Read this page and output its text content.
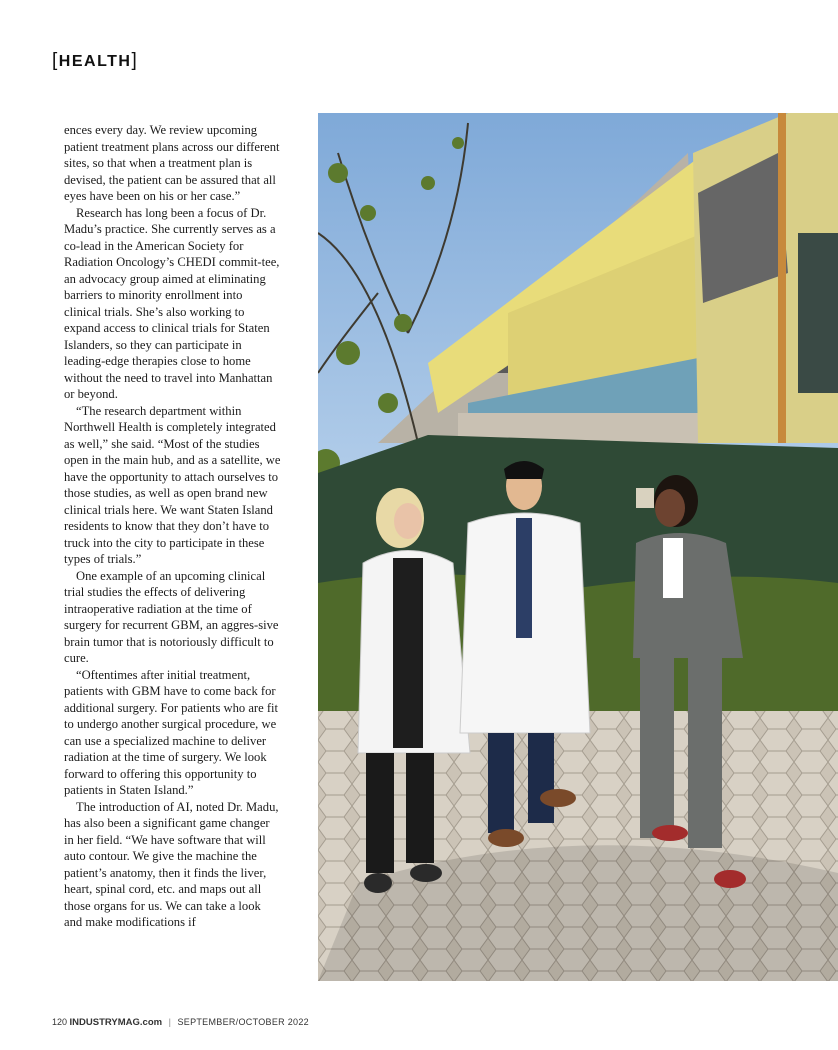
[HEALTH]

ences every day. We review upcoming patient treatment plans across our different sites, so that when a treatment plan is devised, the patient can be assured that all eyes have been on his or her case.”

Research has long been a focus of Dr. Madu’s practice. She currently serves as a co-lead in the American Society for Radiation Oncology’s CHEDI commit-tee, an advocacy group aimed at eliminating barriers to minority enrollment into clinical trials. She’s also working to expand access to clinical trials for Staten Islanders, so they can participate in leading-edge therapies close to home without the need to travel into Manhattan or beyond.

“The research department within Northwell Health is completely integrated as well,” she said. “Most of the studies open in the main hub, and as a satellite, we have the opportunity to attach ourselves to those studies, as well as open brand new clinical trials here. We want Staten Island residents to know that they don’t have to truck into the city to participate in these types of trials.”

One example of an upcoming clinical trial studies the effects of delivering intraoperative radiation at the time of surgery for recurrent GBM, an aggres-sive brain tumor that is notoriously difficult to cure.

“Oftentimes after initial treatment, patients with GBM have to come back for additional surgery. For patients who are fit to undergo another surgical procedure, we can use a specialized machine to deliver radiation at the time of surgery. We look forward to offering this opportunity to patients in Staten Island.”

The introduction of AI, noted Dr. Madu, has also been a significant game changer in her field. “We have software that will auto contour. We give the machine the patient’s anatomy, then it finds the liver, heart, spinal cord, etc. and maps out all those organs for us. We can take a look and make modifications if

120 INDUSTRYMAG.com | SEPTEMBER/OCTOBER 2022
